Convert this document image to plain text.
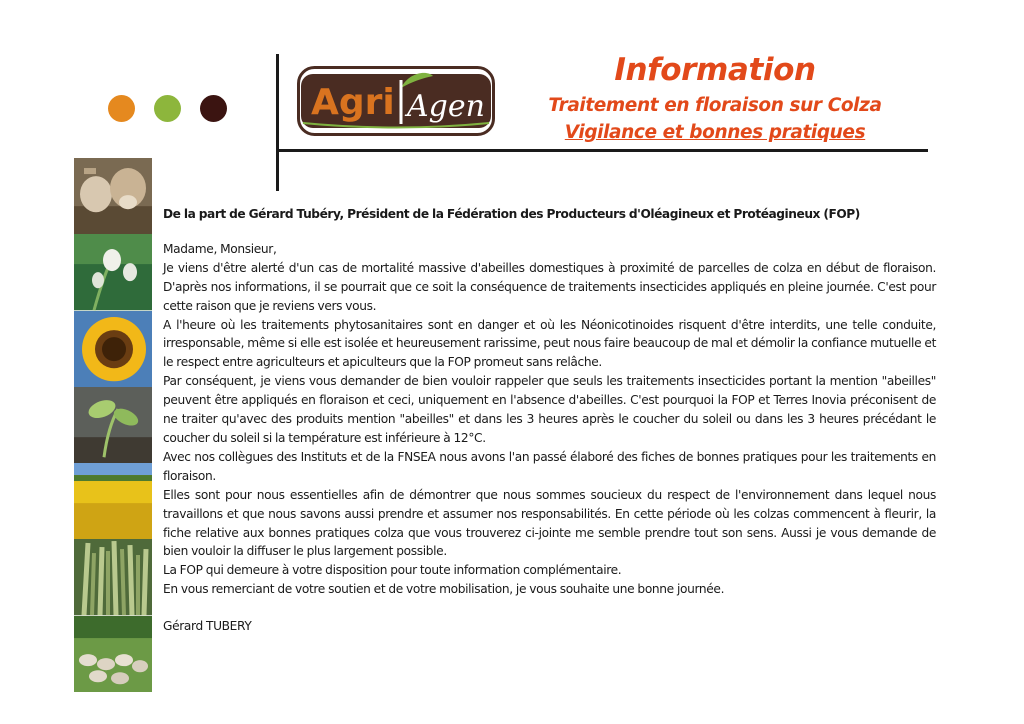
Agri Agen
Information
Traitement en floraison sur Colza
Vigilance et bonnes pratiques
De la part de Gérard Tubéry, Président de la Fédération des Producteurs d'Oléagineux et Protéagineux (FOP)
Madame, Monsieur,

Je viens d'être alerté d'un cas de mortalité massive d'abeilles domestiques à proximité de parcelles de colza en début de floraison. D'après nos informations, il se pourrait que ce soit la conséquence de traitements insecticides appliqués en pleine journée. C'est pour cette raison que je reviens vers vous.

A l'heure où les traitements phytosanitaires sont en danger et où les Néonicotinoides risquent d'être interdits, une telle conduite, irresponsable, même si elle est isolée et heureusement rarissime, peut nous faire beaucoup de mal et démolir la confiance mutuelle et le respect entre agriculteurs et apiculteurs que la FOP promeut sans relâche.

Par conséquent, je viens vous demander de bien vouloir rappeler que seuls les traitements insecticides portant la mention "abeilles" peuvent être appliqués en floraison et ceci, uniquement en l'absence d'abeilles. C'est pourquoi la FOP et Terres Inovia préconisent de ne traiter qu'avec des produits mention "abeilles" et dans les 3 heures après le coucher du soleil ou dans les 3 heures précédant le coucher du soleil si la température est inférieure à 12°C.

Avec nos collègues des Instituts et de la FNSEA nous avons l'an passé élaboré des fiches de bonnes pratiques pour les traitements en floraison.

Elles sont pour nous essentielles afin de démontrer que nous sommes soucieux du respect de l'environnement dans lequel nous travaillons et que nous savons aussi prendre et assumer nos responsabilités. En cette période où les colzas commencent à fleurir, la fiche relative aux bonnes pratiques colza que vous trouverez ci-jointe me semble prendre tout son sens. Aussi je vous demande de bien vouloir la diffuser le plus largement possible.

La FOP qui demeure à votre disposition pour toute information complémentaire.

En vous remerciant de votre soutien et de votre mobilisation, je vous souhaite une bonne journée.

Gérard TUBERY
